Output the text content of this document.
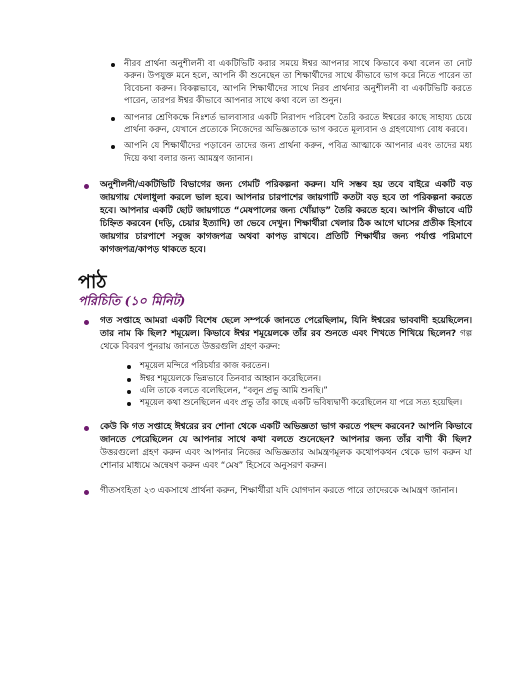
নীরব প্রার্থনা অনুশীলনী বা একটিভিটি করার সময়ে ঈশ্বর আপনার সাথে কিভাবে কথা বলেন তা নোট করুন। উপযুক্ত মনে হলে, আপনি কী শুনেছেন তা শিক্ষার্থীদের সাথে কীভাবে ভাগ করে নিতে পারেন তা বিবেচনা করুন। বিকল্পভাবে, আপনি শিক্ষার্থীদের সাথে নিরব প্রার্থনার অনুশীলনী বা একটিভিটি করতে পারেন, তারপর ঈশ্বর কীভাবে আপনার সাথে কথা বলে তা শুনুন।
আপনার শ্রেণিকক্ষে নিঃশর্ত ভালবাসার একটি নিরাপদ পরিবেশ তৈরি করতে ঈশ্বরের কাছে সাহায্য চেয়ে প্রার্থনা করুন, যেখানে প্রত্যেকে নিজেদের অভিজ্ঞতাকে ভাগ করতে মূল্যবান ও গ্রহণযোগ্য বোধ করবে।
আপনি যে শিক্ষার্থীদের পড়াবেন তাদের জন্য প্রার্থনা করুন, পবিত্র আত্মাকে আপনার এবং তাদের মধ্য দিয়ে কথা বলার জন্য আমন্ত্রণ জানান।
অনুশীলনী/একটিভিটি বিভাগের জন্য গেমটি পরিকল্পনা করুন। যদি সম্ভব হয় তবে বাইরে একটি বড় জায়গায় খেলাধুলা করলে ভাল হবে। আপনার চারপাশের জায়গাটি কতটা বড় হবে তা পরিকল্পনা করতে হবে। আপনার একটি ছোট জায়গাতে “মেষপালের জন্য খোঁয়াড়” তৈরি করতে হবে। আপনি কীভাবে এটি চিহ্নিত করবেন (দড়ি, চেয়ার ইত্যাদি) তা ভেবে দেখুন। শিক্ষার্থীরা খেলার ঠিক আগে ঘাসের প্রতীক হিসাবে জায়গার চারপাশে সবুজ কাগজপত্র অথবা কাপড় রাখবে। প্রতিটি শিক্ষার্থীর জন্য পর্যাপ্ত পরিমাণে কাগজপত্র/কাপড় থাকতে হবে।
পাঠ
পরিচিতি (১০ মিনিট)
গত সপ্তাহে আমরা একটি বিশেষ ছেলে সম্পর্কে জানতে পেরেছিলাম, যিনি ঈশ্বরের ভাববাদী হয়েছিলেন। তার নাম কি ছিল? শমূয়েল। কিভাবে ঈশ্বর শমূয়েলকে তাঁর রব শুনতে এবং শিখতে শিখিয়ে ছিলেন? গল্প থেকে বিবরণ পুনরায় জানতে উত্তরগুলি গ্রহণ করুন:
শমূয়েল মন্দিরে পরিচর্যার কাজ করতেন।
ঈশ্বর শমূয়েলকে ভিন্নভাবে তিনবার আহ্বান করেছিলেন।
এলি তাকে বলতে বলেছিলেন, “বলুন প্রভু আমি শুনছি।”
শমূয়েল কথা শুনেছিলেন এবং প্রভু তাঁর কাছে একটি ভবিষ্যদ্বাণী করেছিলেন যা পরে সত্য হয়েছিল।
কেউ কি গত সপ্তাহে ঈশ্বরের রব শোনা থেকে একটি অভিজ্ঞতা ভাগ করতে পছন্দ করবেন? আপনি কিভাবে জানতে পেরেছিলেন যে আপনার সাথে কথা বলতে শুনেছেন? আপনার জন্য তাঁর বাণী কী ছিল? উত্তরগুলো গ্রহণ করুন এবং আপনার নিজের অভিজ্ঞতার আমন্ত্রণমূলক কথোপকথন থেকে ভাগ করুন যা শোনার মাধ্যমে অন্বেষণ করুন এবং “মেষ” হিসেবে অনুসরণ করুন।
গীতসংহিতা ২৩ একসাথে প্রার্থনা করুন, শিক্ষার্থীরা যদি যোগদান করতে পারে তাদেরকে আমন্ত্রণ জানান।
